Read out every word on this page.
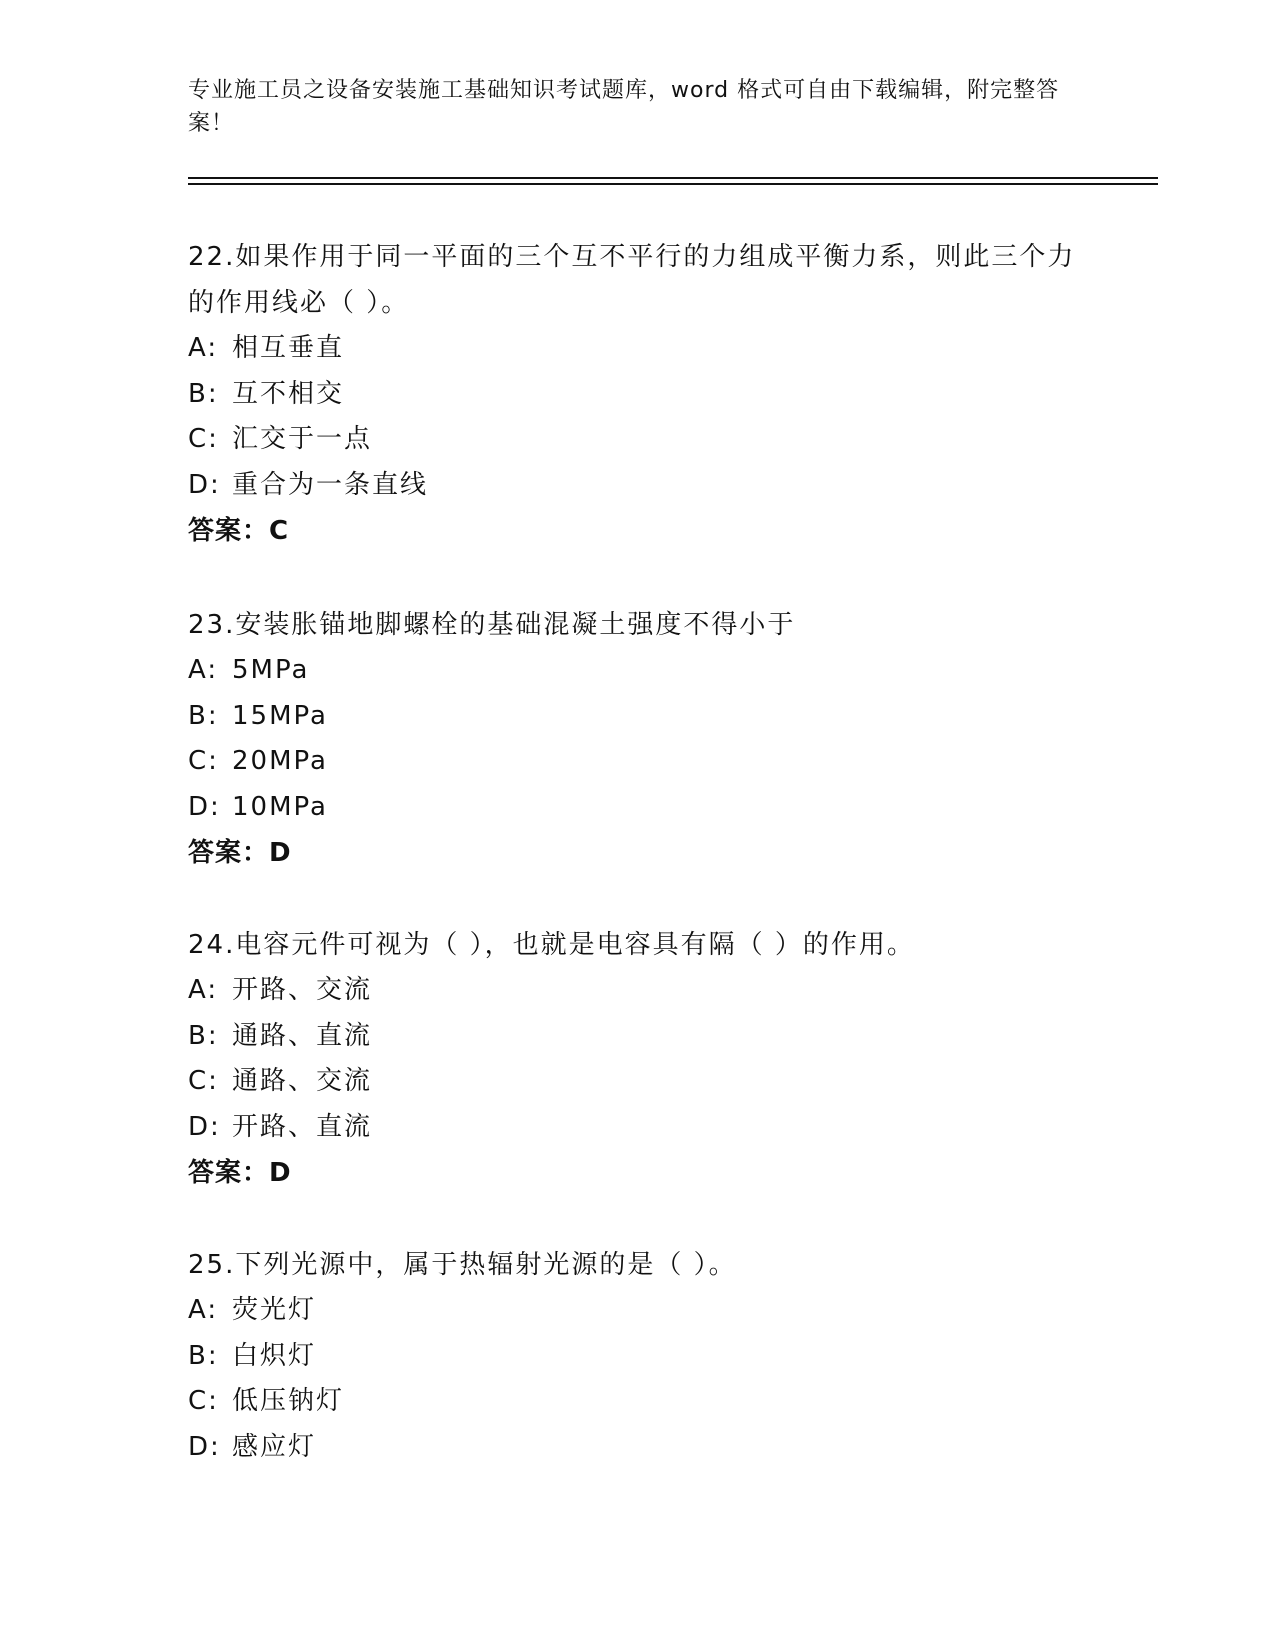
专业施工员之设备安装施工基础知识考试题库，word 格式可自由下载编辑，附完整答案！
22.如果作用于同一平面的三个互不平行的力组成平衡力系，则此三个力的作用线必（ ）。
A: 相互垂直
B: 互不相交
C: 汇交于一点
D: 重合为一条直线
答案：C
23.安装胀锚地脚螺栓的基础混凝土强度不得小于
A: 5MPa
B: 15MPa
C: 20MPa
D: 10MPa
答案：D
24.电容元件可视为（ ），也就是电容具有隔（ ）的作用。
A: 开路、交流
B: 通路、直流
C: 通路、交流
D: 开路、直流
答案：D
25.下列光源中，属于热辐射光源的是（ ）。
A: 荧光灯
B: 白炽灯
C: 低压钠灯
D: 感应灯
